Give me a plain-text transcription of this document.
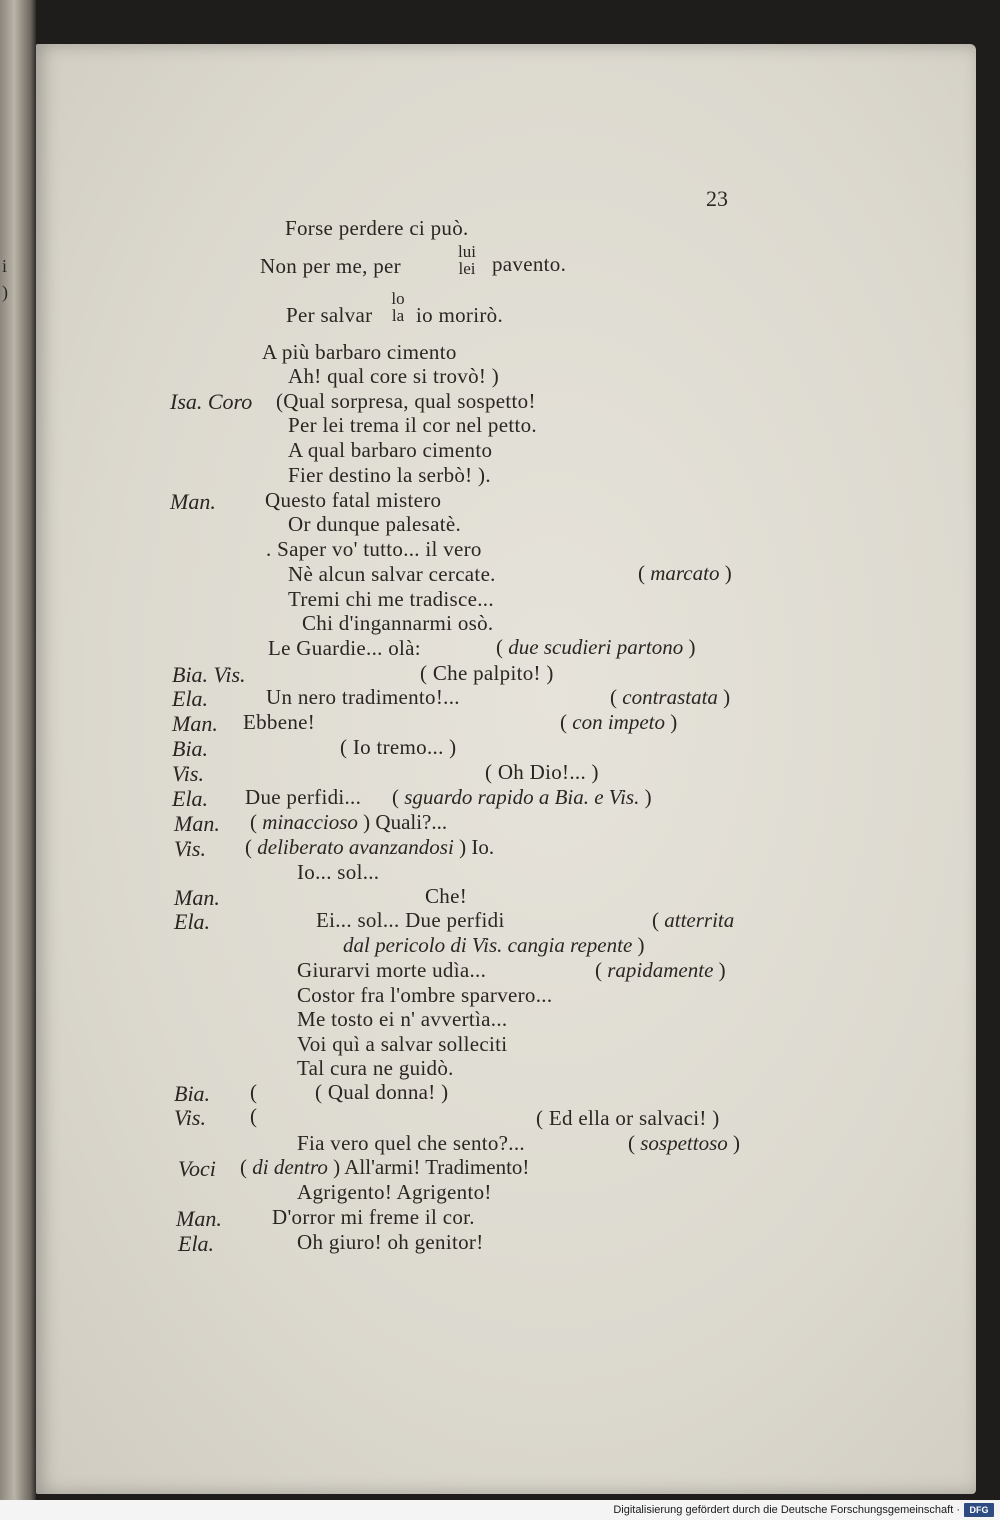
i
)
23
Forse perdere ci può.
Non per me, per
lui
lei pavento.
Per salvar
lo
la io morirò.
A più barbaro cimento
Ah! qual core si trovò! )
Isa. Coro (Qual sorpresa, qual sospetto!
Per lei trema il cor nel petto.
A qual barbaro cimento
Fier destino la serbò! ).
Man. Questo fatal mistero
Or dunque palesatè.
. Saper vo' tutto... il vero
Nè alcun salvar cercate.	( marcato )
Tremi chi me tradisce...
Chi d'ingannarmi osò.
Le Guardie... olà:	( due scudieri partono )
Bia. Vis.	( Che palpito! )
Ela.	Un nero tradimento!...	( contrastata )
Man. Ebbene!	( con impeto )
Bia.	( Io tremo... )
Vis.	( Oh Dio!... )
Ela. Due perfidi... ( sguardo rapido a Bia. e Vis. )
Man. ( minaccioso ) Quali?...
Vis. ( deliberato avanzandosi ) Io.
Io... sol...
Man.	Che!
Ela.	Ei... sol... Due perfidi	( atterrita
dal pericolo di Vis. cangia repente )
Giurarvi morte udìa...	( rapidamente )
Costor fra l'ombre sparvero...
Me tosto ei n' avvertìa...
Voi quì a salvar solleciti
Tal cura ne guidò.
Bia. (	( Qual donna! )
Vis. (	( Ed ella or salvaci! )
Fia vero quel che sento?...	( sospettoso )
Voci ( di dentro ) All'armi! Tradimento!
Agrigento! Agrigento!
Man. D'orror mi freme il cor.
Ela.	Oh giuro! oh genitor!
Digitalisierung gefördert durch die Deutsche Forschungsgemeinschaft ·	DFG
